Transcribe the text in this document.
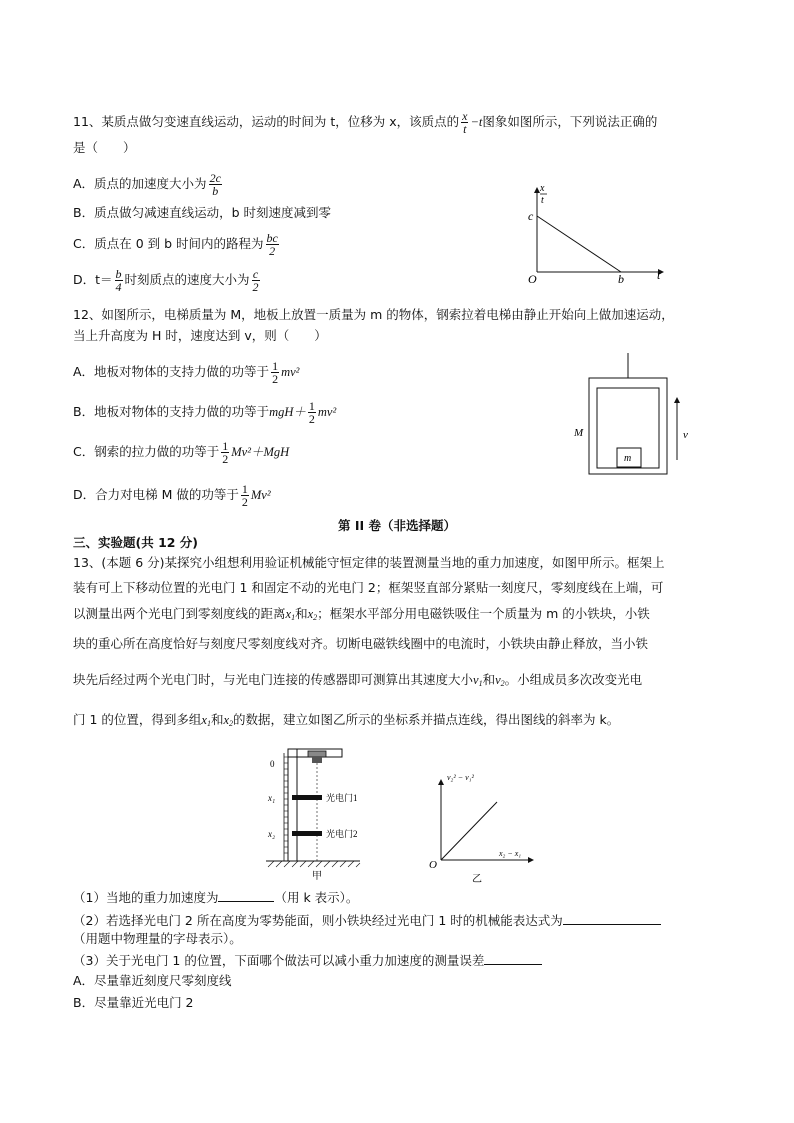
11、某质点做匀变速直线运动，运动的时间为 t，位移为 x，该质点的 $\frac{x}{t} -t$图象如图所示，下列说法正确的
是（　　）
A．质点的加速度大小为 $\frac{2c}{b}$
B．质点做匀减速直线运动，b 时刻速度减到零
C．质点在 0 到 b 时间内的路程为 $\frac{bc}{2}$
D．$t= \frac{b}{4}$ 时刻质点的速度大小为 $\frac{c}{2}$
x
t
c
O	b	t
12、如图所示，电梯质量为 M，地板上放置一质量为 m 的物体，钢索拉着电梯由静止开始向上做加速运动，
当上升高度为 H 时，速度达到 v，则（　　）
A．地板对物体的支持力做的功等于 $\frac{1}{2} mv^2$
B．地板对物体的支持力做的功等于$mgH+ \frac{1}{2} mv^2$
C．钢索的拉力做的功等于 $\frac{1}{2} Mv^2+MgH$
D．合力对电梯 M 做的功等于 $\frac{1}{2} Mv^2$
m
M	v
第 II 卷（非选择题）
三、实验题(共 12 分)
13、(本题 6 分)某探究小组想利用验证机械能守恒定律的装置测量当地的重力加速度，如图甲所示。框架上
装有可上下移动位置的光电门 1 和固定不动的光电门 2；框架竖直部分紧贴一刻度尺，零刻度线在上端，可
以测量出两个光电门到零刻度线的距离$x_1$和$x_2$；框架水平部分用电磁铁吸住一个质量为 m 的小铁块，小铁
块的重心所在高度恰好与刻度尺零刻度线对齐。切断电磁铁线圈中的电流时，小铁块由静止释放，当小铁
块先后经过两个光电门时，与光电门连接的传感器即可测算出其速度大小$v_1$和$v_2$。小组成员多次改变光电
门 1 的位置，得到多组$x_1$和$x_2$的数据，建立如图乙所示的坐标系并描点连线，得出图线的斜率为 k。
0
x₁
x₂
光电门1
光电门2
甲
v₂² − v₁²
x₂ − x₁
O
乙
（1）当地的重力加速度为	（用 k 表示）。
（2）若选择光电门 2 所在高度为零势能面，则小铁块经过光电门 1 时的机械能表达式为
（用题中物理量的字母表示）。
（3）关于光电门 1 的位置，下面哪个做法可以减小重力加速度的测量误差
A．尽量靠近刻度尺零刻度线
B．尽量靠近光电门 2
